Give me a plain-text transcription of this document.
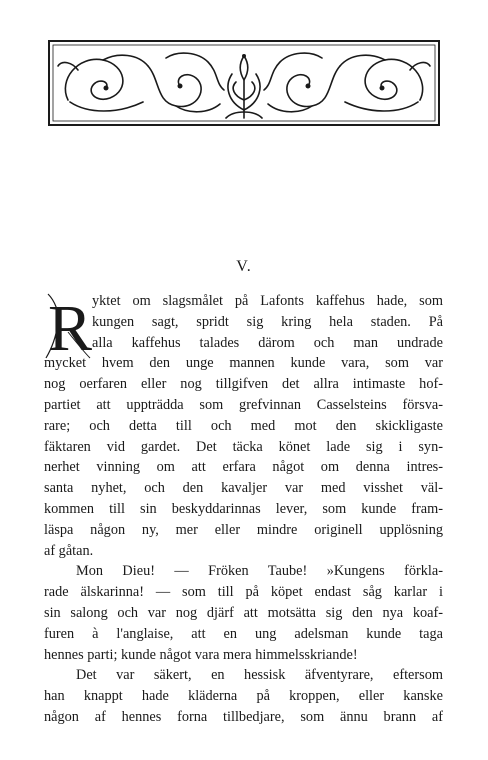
V.
R yktet om slagsmålet på Lafonts kaffehus hade, som
kungen sagt, spridt sig kring hela staden. På
alla kaffehus talades därom och man undrade
mycket hvem den unge mannen kunde vara, som var
nog oerfaren eller nog tillgifven det allra intimaste hof-
partiet att uppträdda som grefvinnan Casselsteins försva-
rare; och detta till och med mot den skickligaste
fäktaren vid gardet. Det täcka könet lade sig i syn-
nerhet vinning om att erfara något om denna intres-
santa nyhet, och den kavaljer var med visshet väl-
kommen till sin beskyddarinnas lever, som kunde fram-
läspa någon ny, mer eller mindre originell upplösning
af gåtan.
Mon Dieu! — Fröken Taube! »Kungens förkla-
rade älskarinna! — som till på köpet endast såg karlar i
sin salong och var nog djärf att motsätta sig den nya koaf-
furen à l'anglaise, att en ung adelsman kunde taga
hennes parti; kunde något vara mera himmelsskriande!
Det var säkert, en hessisk äfventyrare, eftersom
han knappt hade kläderna på kroppen, eller kanske
någon af hennes forna tillbedjare, som ännu brann af
